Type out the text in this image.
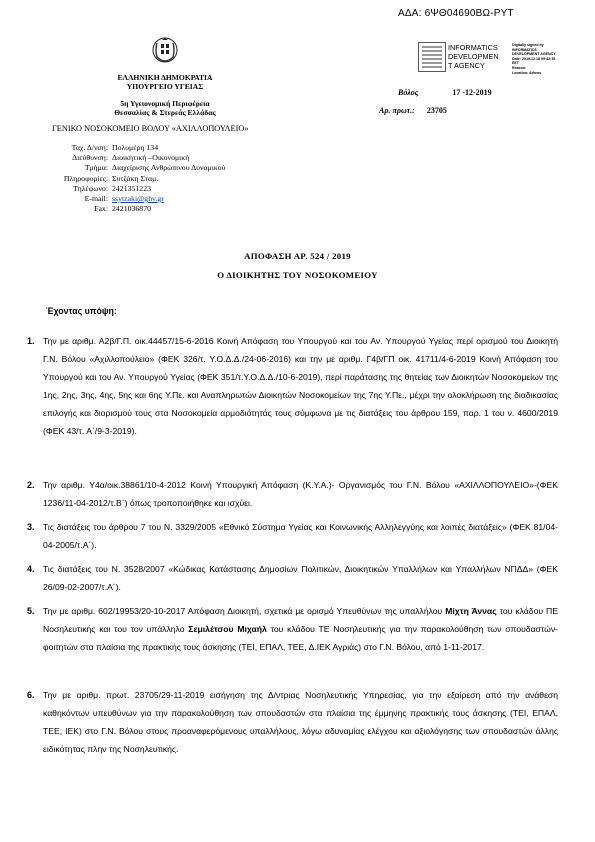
ΑΔΑ: 6ΨΘ04690ΒΩ-ΡΥΤ
ΕΛΛΗΝΙΚΗ ΔΗΜΟΚΡΑΤΙΑ
ΥΠΟΥΡΓΕΙΟ ΥΓΕΙΑΣ
5η Υγειονομική Περιφέρεια
Θεσσαλίας & Στερεάς Ελλάδας
ΓΕΝΙΚΟ ΝΟΣΟΚΟΜΕΙΟ ΒΟΛΟΥ «ΑΧΙΛΛΟΠΟΥΛΕΙΟ»
Ταχ. Δ/νση: Πολυμέρη 134
Διεύθυνση: Διοικητική –Οικονομική
Τμήμα: Διαχείρισης Ανθρώπινου Δυναμικού
Πληροφορίες: Συτζάκη Σταμ.
Τηλέφωνο: 2421351223
E-mail: ssytzaki@ghv.gr
Fax: 2421036870
INFORMATICS
DEVELOPMEN
T AGENCY
Digitally signed by
INFORMATICS
DEVELOPMENT AGENCY
Date: 2019.12.18 09:42:36
EET
Reason:
Location: Athens
Βόλος	17 -12-2019
Αρ. πρωτ.: 23705
ΑΠΟΦΑΣΗ ΑΡ. 524 / 2019
Ο ΔΙΟΙΚΗΤΗΣ ΤΟΥ ΝΟΣΟΚΟΜΕΙΟΥ
Έχοντας υπόψη:
1. Την με αριθμ. Α2β/Γ.Π. οικ.44457/15-6-2016 Κοινή Απόφαση του Υπουργού και του Αν. Υπουργού Υγείας περί ορισμού του Διοικητή Γ.Ν. Βόλου «Αχιλλοπούλειο» (ΦΕΚ 326/τ. Υ.Ο.Δ.Δ./24-06-2016) και την με αριθμ. Γ4β/ΓΠ οικ. 41711/4-6-2019 Κοινή Απόφαση του Υπουργού και του Αν. Υπουργού Υγείας (ΦΕΚ 351/τ.Υ.Ο.Δ.Δ./10-6-2019), περί παράτασης της θητείας των Διοικητών Νοσοκομείων της 1ης, 2ης, 3ης, 4ης, 5ης και 6ης Υ.Πε. και Αναπληρωτών Διοικητών Νοσοκομείων της 7ης Υ.Πε., μέχρι την ολοκλήρωση της διαδικασίας επιλογής και διορισμού τους στα Νοσοκομεία αρμοδιότητάς τους σύμφωνα με τις διατάξεις του άρθρου 159, παρ. 1 του ν. 4600/2019 (ΦΕΚ 43/τ. Α΄/9-3-2019).
2. Την αριθμ. Υ4α/οικ.38861/10-4-2012 Κοινή Υπουργική Απόφαση (Κ.Υ.Α.)- Οργανισμός του Γ.Ν. Βόλου «ΑΧΙΛΛΟΠΟΥΛΕΙΟ»-(ΦΕΚ 1236/11-04-2012/τ.Β΄) όπως τροποποιήθηκε και ισχύει.
3. Τις διατάξεις του άρθρου 7 του Ν. 3329/2005 «Εθνικό Σύστημα Υγείας και Κοινωνικής Αλληλεγγύης και λοιπές διατάξεις» (ΦΕΚ 81/04-04-2005/τ.Α΄).
4. Τις διατάξεις του Ν. 3528/2007 «Κώδικας Κατάστασης Δημοσίων Πολιτικών, Διοικητικών Υπαλλήλων και Υπαλλήλων ΝΠΔΔ» (ΦΕΚ 26/09-02-2007/τ.Α΄).
5. Την με αριθμ. 602/19953/20-10-2017 Απόφαση Διοικητή, σχετικά με ορισμό Υπευθύνων της υπαλλήλου Μίχτη Άννας του κλάδου ΠΕ Νοσηλευτικής και του τον υπάλληλο Σεμιλέτσου Μιχαήλ του κλάδου ΤΕ Νοσηλευτικής για την παρακολούθηση των σπουδαστών-φοιτητών στα πλαίσια της πρακτικής τους άσκησης (ΤΕΙ, ΕΠΑΛ, ΤΕΕ, Δ.ΙΕΚ Αγριάς) στο Γ.Ν. Βόλου, από 1-11-2017.
6. Την με αριθμ. πρωτ. 23705/29-11-2019 εισήγηση της Δ/ντριας Νοσηλευτικής Υπηρεσίας, για την εξαίρεση από την ανάθεση καθηκόντων υπευθύνων για την παρακολούθηση των σπουδαστών στα πλαίσια της έμμηνης πρακτικής τους άσκησης (ΤΕΙ, ΕΠΑΛ, ΤΕΕ, ΙΕΚ) στο Γ.Ν. Βόλου στους προαναφερόμενους υπαλλήλους, λόγω αδυναμίας ελέγχου και αξιολόγησης των σπουδαστών άλλης ειδικότητας πλην της Νοσηλευτικής.
